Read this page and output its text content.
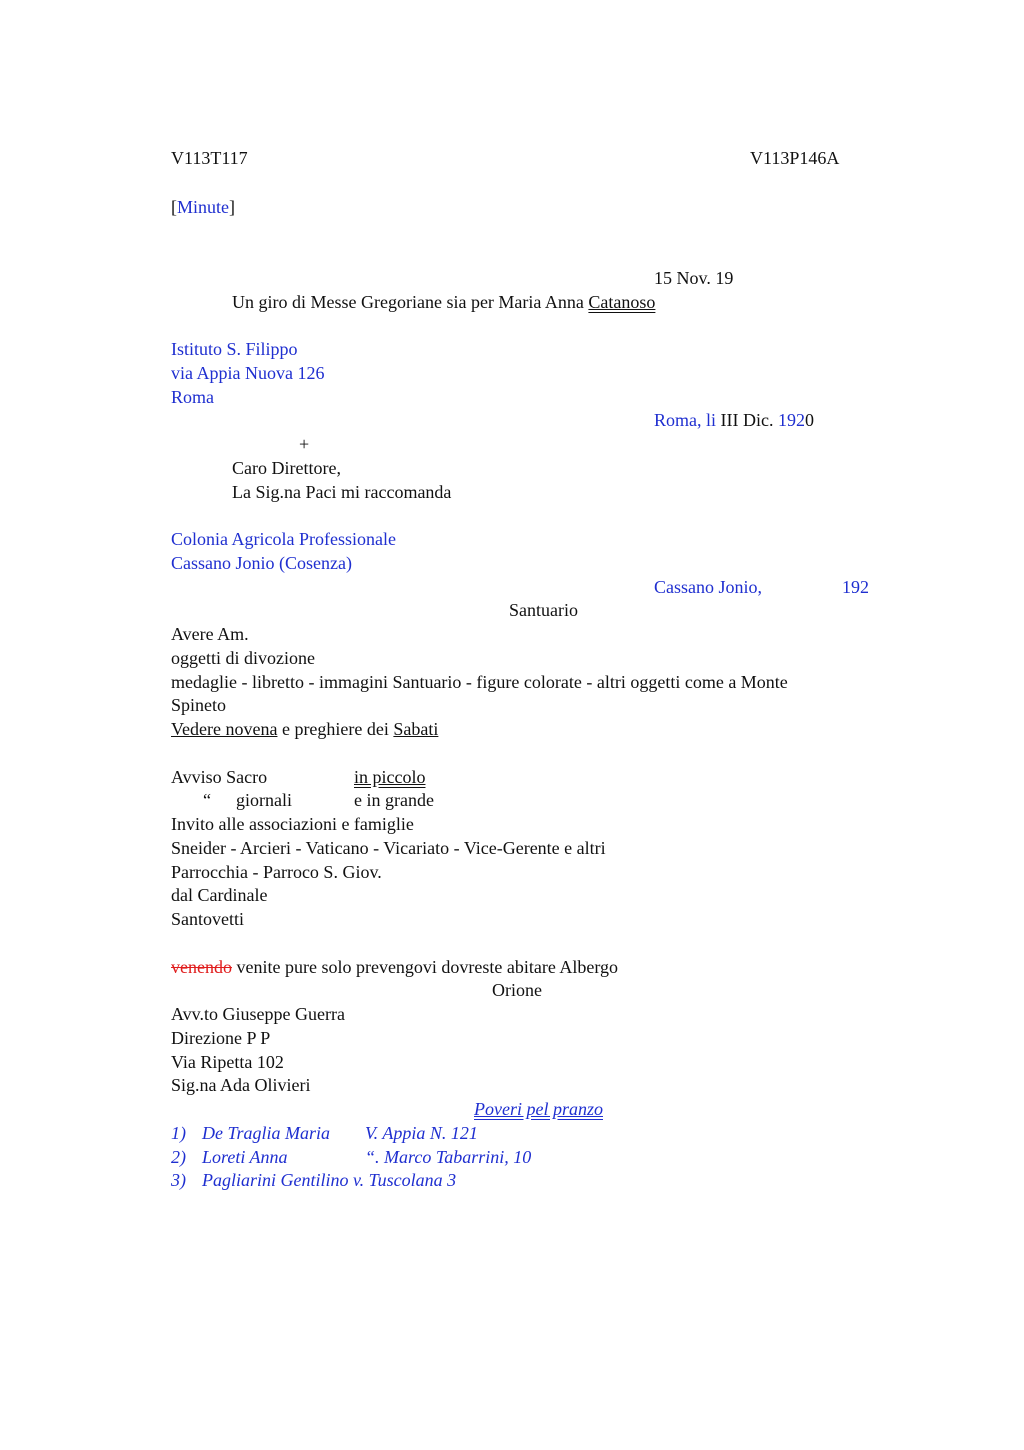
V113T117	V113P146A
[Minute]
15 Nov. 19
Un giro di Messe Gregoriane sia per Maria Anna Catanoso
Istituto S. Filippo
via Appia Nuova 126
Roma
Roma, li III Dic. 1920
+
Caro Direttore,
La Sig.na Paci mi raccomanda
Colonia Agricola Professionale
Cassano Jonio (Cosenza)
Cassano Jonio,	192
Santuario
Avere Am.
oggetti di divozione
medaglie - libretto - immagini Santuario - figure colorate - altri oggetti come a Monte
Spineto
Vedere novena e preghiere dei Sabati
Avviso Sacro	in piccolo
“ giornali	e in grande
Invito alle associazioni e famiglie
Sneider - Arcieri - Vaticano - Vicariato - Vice-Gerente e altri
Parrocchia - Parroco S. Giov.
dal Cardinale
Santovetti
venendo venite pure solo prevengovi dovreste abitare Albergo
Orione
Avv.to Giuseppe Guerra
Direzione P P
Via Ripetta 102
Sig.na Ada Olivieri
Poveri pel pranzo
1) De Traglia Maria V. Appia N. 121
2) Loreti Anna	“. Marco Tabarrini, 10
3) Pagliarini Gentilino v. Tuscolana 3
